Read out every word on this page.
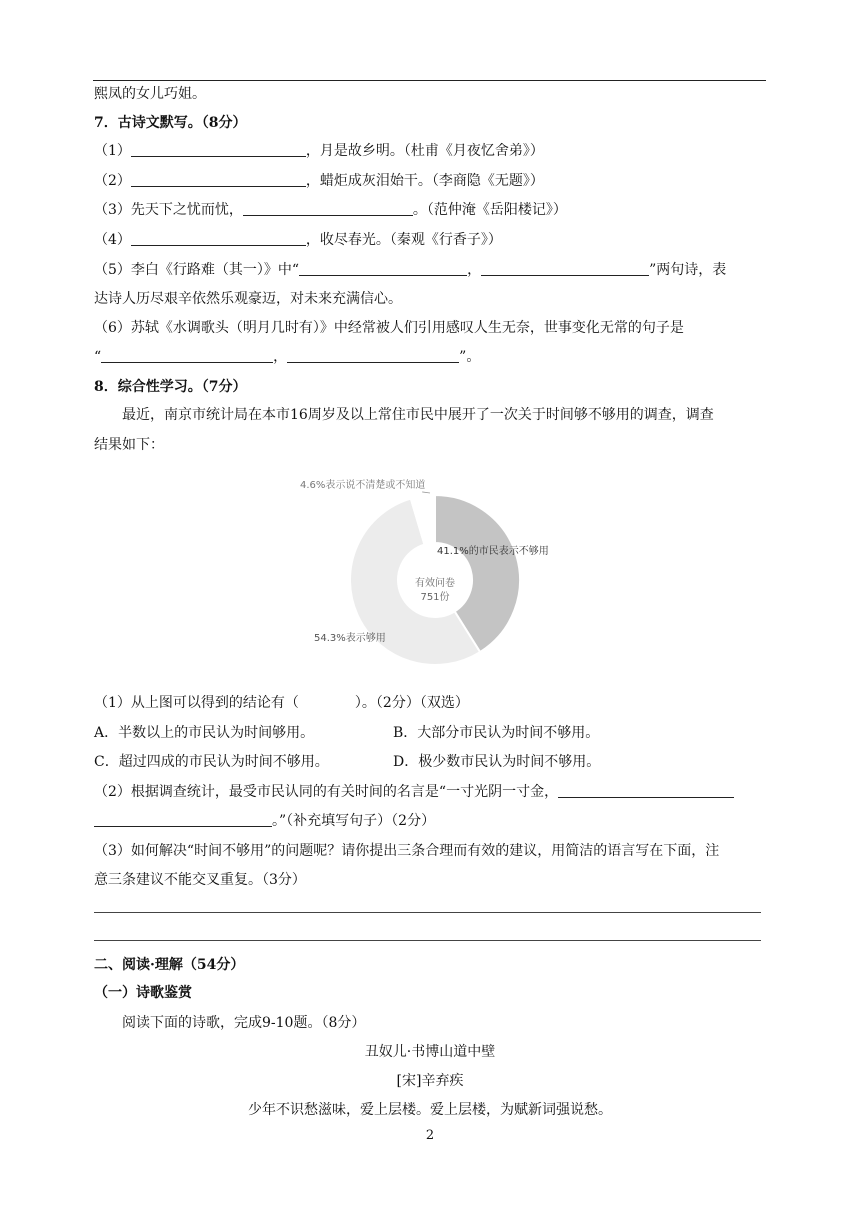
熙凤的女儿巧姐。
7．古诗文默写。（8分）
（1）	，月是故乡明。（杜甫《月夜忆舍弟》）
（2）	，蜡炬成灰泪始干。（李商隐《无题》）
（3）先天下之忧而忧，	。（范仲淹《岳阳楼记》）
（4）	，收尽春光。（秦观《行香子》）
（5）李白《行路难（其一）》中“	，	”两句诗，表
达诗人历尽艰辛依然乐观豪迈，对未来充满信心。
（6）苏轼《水调歌头（明月几时有）》中经常被人们引用感叹人生无奈，世事变化无常的句子是
“	，	”。
8．综合性学习。（7分）
最近，南京市统计局在本市16周岁及以上常住市民中展开了一次关于时间够不够用的调查，调查
结果如下：
41.1%的市民表示不够用
54.3%表示够用
4.6%表示说不清楚或不知道
有效问卷
751份
（1）从上图可以得到的结论有（　　　　）。（2分）（双选）
A．半数以上的市民认为时间够用。	B．大部分市民认为时间不够用。
C．超过四成的市民认为时间不够用。	D．极少数市民认为时间不够用。
（2）根据调查统计，最受市民认同的有关时间的名言是“一寸光阴一寸金，
。”（补充填写句子）（2分）
（3）如何解决“时间不够用”的问题呢？请你提出三条合理而有效的建议，用简洁的语言写在下面，注
意三条建议不能交叉重复。（3分）
二、阅读·理解（54分）
（一）诗歌鉴赏
阅读下面的诗歌，完成9-10题。（8分）
丑奴儿·书博山道中壁
[宋]辛弃疾
少年不识愁滋味，爱上层楼。爱上层楼，为赋新词强说愁。
2
